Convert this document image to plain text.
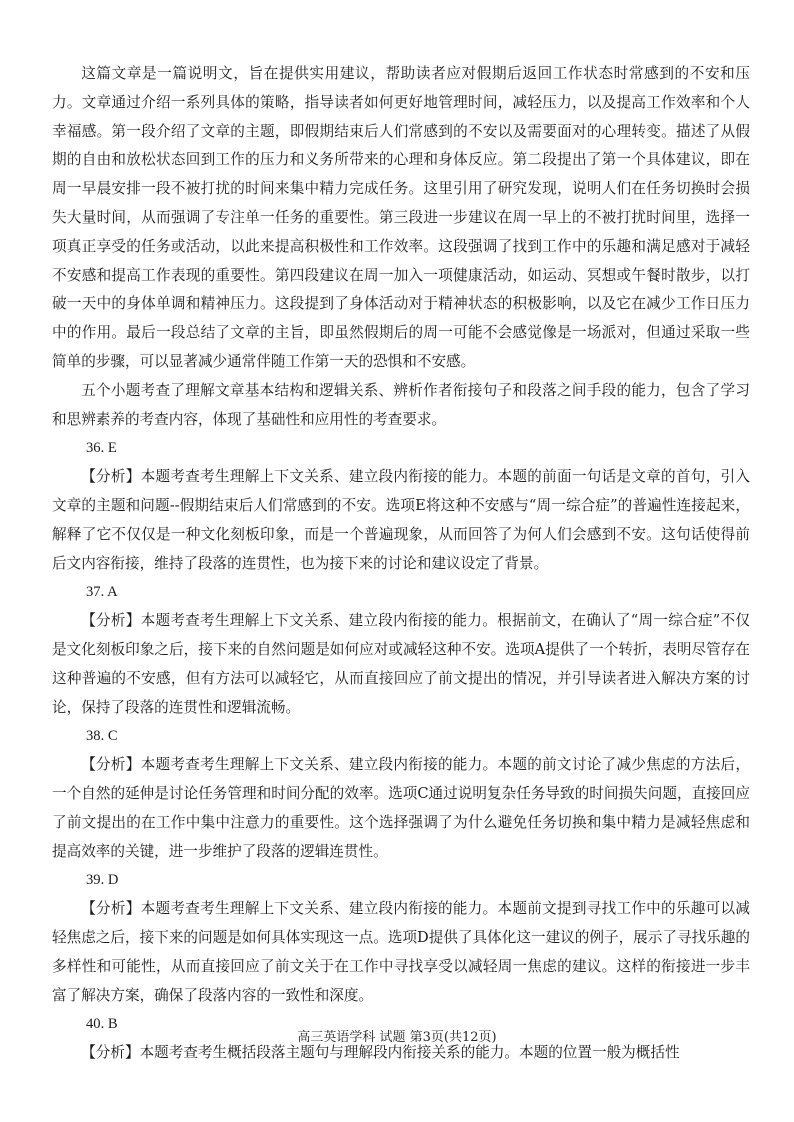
这篇文章是一篇说明文，旨在提供实用建议，帮助读者应对假期后返回工作状态时常感到的不安和压力。文章通过介绍一系列具体的策略，指导读者如何更好地管理时间，减轻压力，以及提高工作效率和个人幸福感。第一段介绍了文章的主题，即假期结束后人们常感到的不安以及需要面对的心理转变。描述了从假期的自由和放松状态回到工作的压力和义务所带来的心理和身体反应。第二段提出了第一个具体建议，即在周一早晨安排一段不被打扰的时间来集中精力完成任务。这里引用了研究发现，说明人们在任务切换时会损失大量时间，从而强调了专注单一任务的重要性。第三段进一步建议在周一早上的不被打扰时间里，选择一项真正享受的任务或活动，以此来提高积极性和工作效率。这段强调了找到工作中的乐趣和满足感对于减轻不安感和提高工作表现的重要性。第四段建议在周一加入一项健康活动，如运动、冥想或午餐时散步，以打破一天中的身体单调和精神压力。这段提到了身体活动对于精神状态的积极影响，以及它在减少工作日压力中的作用。最后一段总结了文章的主旨，即虽然假期后的周一可能不会感觉像是一场派对，但通过采取一些简单的步骤，可以显著减少通常伴随工作第一天的恐惧和不安感。

五个小题考查了理解文章基本结构和逻辑关系、辨析作者衔接句子和段落之间手段的能力，包含了学习和思辨素养的考查内容，体现了基础性和应用性的考查要求。

36. E

【分析】本题考查考生理解上下文关系、建立段内衔接的能力。本题的前面一句话是文章的首句，引入文章的主题和问题--假期结束后人们常感到的不安。选项E将这种不安感与“周一综合症”的普遍性连接起来，解释了它不仅仅是一种文化刻板印象，而是一个普遍现象，从而回答了为何人们会感到不安。这句话使得前后文内容衔接，维持了段落的连贯性，也为接下来的讨论和建议设定了背景。

37. A

【分析】本题考查考生理解上下文关系、建立段内衔接的能力。根据前文，在确认了“周一综合症”不仅是文化刻板印象之后，接下来的自然问题是如何应对或减轻这种不安。选项A提供了一个转折，表明尽管存在这种普遍的不安感，但有方法可以减轻它，从而直接回应了前文提出的情况，并引导读者进入解决方案的讨论，保持了段落的连贯性和逻辑流畅。

38. C

【分析】本题考查考生理解上下文关系、建立段内衔接的能力。本题的前文讨论了减少焦虑的方法后，一个自然的延伸是讨论任务管理和时间分配的效率。选项C通过说明复杂任务导致的时间损失问题，直接回应了前文提出的在工作中集中注意力的重要性。这个选择强调了为什么避免任务切换和集中精力是减轻焦虑和提高效率的关键，进一步维护了段落的逻辑连贯性。

39. D

【分析】本题考查考生理解上下文关系、建立段内衔接的能力。本题前文提到寻找工作中的乐趣可以减轻焦虑之后，接下来的问题是如何具体实现这一点。选项D提供了具体化这一建议的例子，展示了寻找乐趣的多样性和可能性，从而直接回应了前文关于在工作中寻找享受以减轻周一焦虑的建议。这样的衔接进一步丰富了解决方案，确保了段落内容的一致性和深度。

40. B

【分析】本题考查考生概括段落主题句与理解段内衔接关系的能力。本题的位置一般为概括性

高三英语学科 试题 第3页(共12页)
